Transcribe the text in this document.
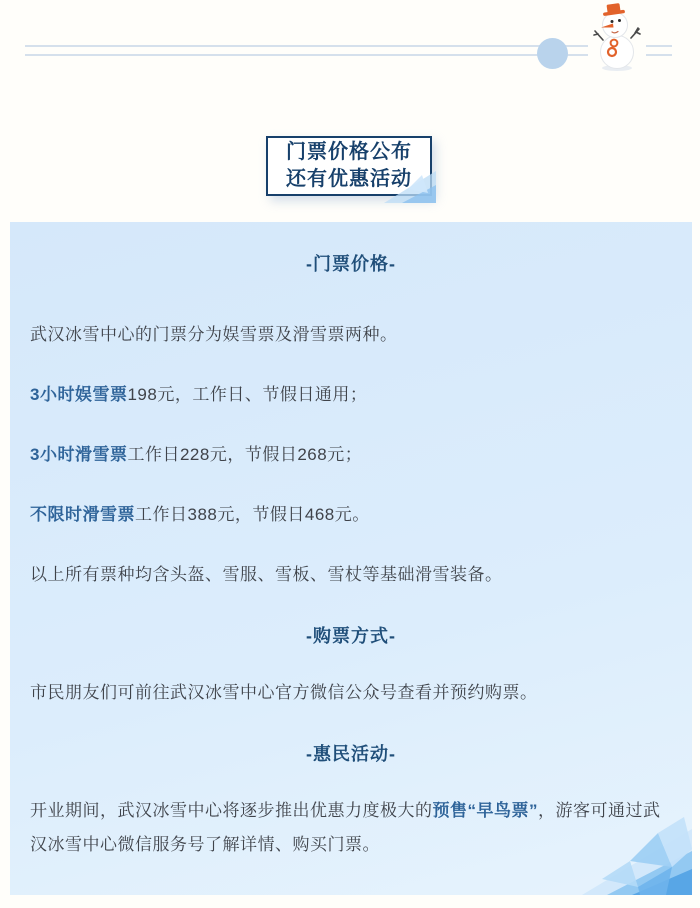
门票价格公布
还有优惠活动
-门票价格-

武汉冰雪中心的门票分为娱雪票及滑雪票两种。

3小时娱雪票198元，工作日、节假日通用；

3小时滑雪票工作日228元，节假日268元；

不限时滑雪票工作日388元，节假日468元。

以上所有票种均含头盔、雪服、雪板、雪杖等基础滑雪装备。

-购票方式-

市民朋友们可前往武汉冰雪中心官方微信公众号查看并预约购票。

-惠民活动-

开业期间，武汉冰雪中心将逐步推出优惠力度极大的预售“早鸟票”，游客可通过武汉冰雪中心微信服务号了解详情、购买门票。
